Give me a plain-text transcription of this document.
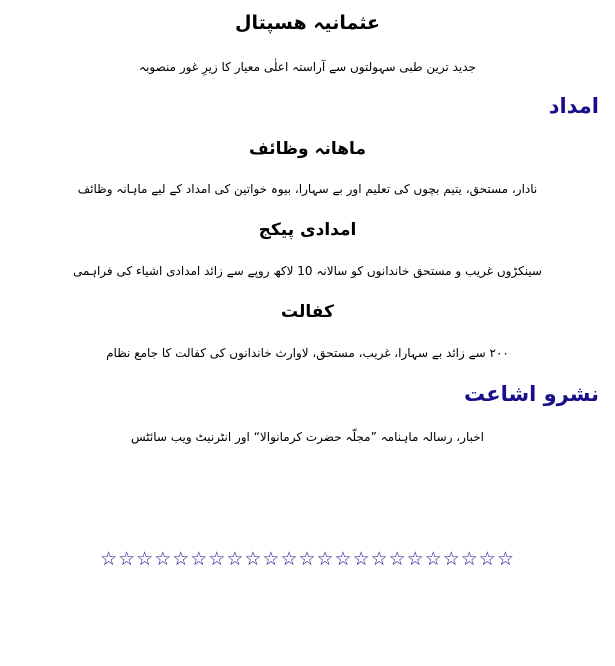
عثمانیہ ھسپتال
جدید ترین طبی سہولتوں سے آراستہ اعلٰی معیار کا زیرِ غور منصوبہ
امداد
ماھانہ وظائف
نادار، مستحق، یتیم بچوں کی تعلیم اور بے سہارا، بیوہ خواتین کی امداد کے لیے ماہانہ وظائف
امدادی پیکج
سینکڑوں غریب و مستحق خاندانوں کو سالانہ 10 لاکھ روپے سے زائد امدادی اشیاء کی فراہمی
کفالت
۲۰۰ سے زائد بے سہارا، غریب، مستحق، لاوارث خاندانوں کی کفالت کا جامع نظام
نشرو اشاعت
اخبار، رسالہ ماہنامہ ”مجلّہ حضرت کرمانوالا“ اور انٹرنیٹ ویب سائٹس
☆☆☆☆☆☆☆☆☆☆☆☆☆☆☆☆☆☆☆☆☆☆☆
